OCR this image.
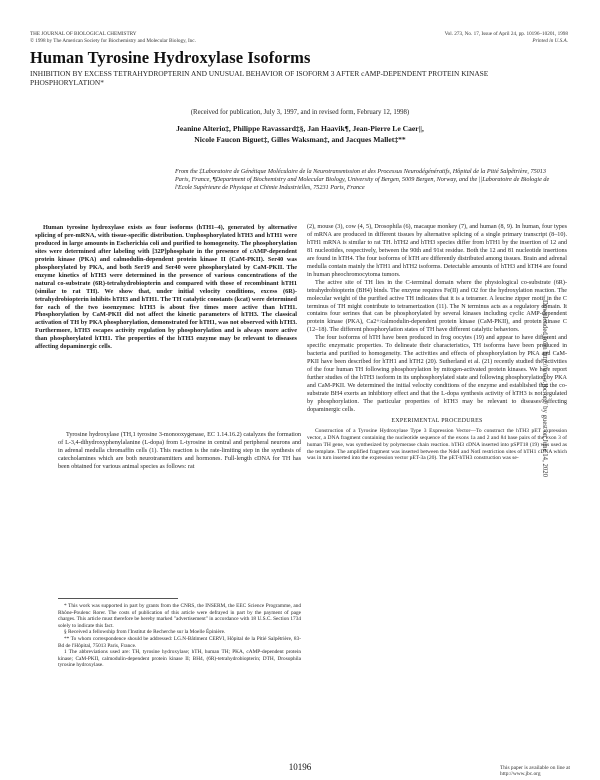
THE JOURNAL OF BIOLOGICAL CHEMISTRY
© 1998 by The American Society for Biochemistry and Molecular Biology, Inc.
Vol. 273, No. 17, Issue of April 24, pp. 10196–10201, 1998
Printed in U.S.A.
Human Tyrosine Hydroxylase Isoforms
INHIBITION BY EXCESS TETRAHYDROPTERIN AND UNUSUAL BEHAVIOR OF ISOFORM 3 AFTER cAMP-DEPENDENT PROTEIN KINASE PHOSPHORYLATION*
(Received for publication, July 3, 1997, and in revised form, February 12, 1998)
Jeanine Alterio‡, Philippe Ravassard‡§, Jan Haavik¶, Jean-Pierre Le Caer||,
Nicole Faucon Biguet‡, Gilles Waksman‡, and Jacques Mallet‡**
From the ‡Laboratoire de Génétique Moléculaire de la Neurotransmission et des Processus Neurodégénératifs, Hôpital de la Pitié Salpêtrière, 75013 Paris, France, ¶Department of Biochemistry and Molecular Biology, University of Bergen, 5009 Bergen, Norway, and the ||Laboratoire de Biologie de l'Ecole Supérieure de Physique et Chimie Industrielles, 75231 Paris, France

Human tyrosine hydroxylase exists as four isoforms (hTH1–4), generated by alternative splicing of pre-mRNA, with tissue-specific distribution. Unphosphorylated hTH3 and hTH1 were produced in large amounts in Escherichia coli and purified to homogeneity. The phosphorylation sites were determined after labeling with [32P]phosphate in the presence of cAMP-dependent protein kinase (PKA) and calmodulin-dependent protein kinase II (CaM-PKII). Ser40 was phosphorylated by PKA, and both Ser19 and Ser40 were phosphorylated by CaM-PKII. The enzyme kinetics of hTH3 were determined in the presence of various concentrations of the natural co-substrate (6R)-tetrahydrobiopterin and compared with those of recombinant hTH1 (similar to rat TH). We show that, under initial velocity conditions, excess (6R)-tetrahydrobiopterin inhibits hTH3 and hTH1. The TH catalytic constants (kcat) were determined for each of the two isoenzymes: hTH3 is about five times more active than hTH1. Phosphorylation by CaM-PKII did not affect the kinetic parameters of hTH3. The classical activation of TH by PKA phosphorylation, demonstrated for hTH1, was not observed with hTH3. Furthermore, hTH3 escapes activity regulation by phosphorylation and is always more active than phosphorylated hTH1. The properties of the hTH3 enzyme may be relevant to diseases affecting dopaminergic cells.

Tyrosine hydroxylase (TH,1 tyrosine 3-monooxygenase, EC 1.14.16.2) catalyzes the formation of L-3,4-dihydroxyphenylalanine (L-dopa) from L-tyrosine in central and peripheral neurons and in adrenal medulla chromaffin cells (1). This reaction is the rate-limiting step in the synthesis of catecholamines which are both neurotransmitters and hormones. Full-length cDNA for TH has been obtained for various animal species as follows: rat

* This work was supported in part by grants from the CNRS, the INSERM, the EEC Science Programme, and Rhône-Poulenc Rorer. The costs of publication of this article were defrayed in part by the payment of page charges. This article must therefore be hereby marked "advertisement" in accordance with 18 U.S.C. Section 1734 solely to indicate this fact.

§ Received a fellowship from l'Institut de Recherche sur la Moelle Épinière.

** To whom correspondence should be addressed: LG.N-Bâtiment CERVI, Hôpital de la Pitié Salpêtrière, 83-Bd de l'Hôpital, 75013 Paris, France.

1 The abbreviations used are: TH, tyrosine hydroxylase; hTH, human TH; PKA, cAMP-dependent protein kinase; CaM-PKII, calmodulin-dependent protein kinase II; BH4, (6R)-tetrahydrobiopterin; DTH, Drosophila tyrosine hydroxylase.

(2), mouse (3), cow (4, 5), Drosophila (6), macaque monkey (7), and human (8, 9). In human, four types of mRNA are produced in different tissues by alternative splicing of a single primary transcript (8–10). hTH1 mRNA is similar to rat TH. hTH2 and hTH3 species differ from hTH1 by the insertion of 12 and 81 nucleotides, respectively, between the 90th and 91st residue. Both the 12 and 81 nucleotide insertions are found in hTH4. The four isoforms of hTH are differently distributed among tissues. Brain and adrenal medulla contain mainly the hTH1 and hTH2 isoforms. Detectable amounts of hTH3 and hTH4 are found in human pheochromocytoma tumors.

The active site of TH lies in the C-terminal domain where the physiological co-substrate (6R)-tetrahydrobiopterin (BH4) binds. The enzyme requires Fe(II) and O2 for the hydroxylation reaction. The molecular weight of the purified active TH indicates that it is a tetramer. A leucine zipper motif in the C terminus of TH might contribute to tetramerization (11). The N terminus acts as a regulatory domain. It contains four serines that can be phosphorylated by several kinases including cyclic AMP-dependent protein kinase (PKA), Ca2+/calmodulin-dependent protein kinase (CaM-PKII), and protein kinase C (12–18). The different phosphorylation states of TH have different catalytic behaviors.

The four isoforms of hTH have been produced in frog oocytes (19) and appear to have different and specific enzymatic properties. To delineate their characteristics, TH isoforms have been produced in bacteria and purified to homogeneity. The activities and effects of phosphorylation by PKA and CaM-PKII have been described for hTH1 and hTH2 (20). Sutherland et al. (21) recently studied the activities of the four human TH following phosphorylation by mitogen-activated protein kinases. We here report further studies of the hTH3 isoform in its unphosphorylated state and following phosphorylation by PKA and CaM-PKII. We determined the initial velocity conditions of the enzyme and established that the co-substrate BH4 exerts an inhibitory effect and that the L-dopa synthesis activity of hTH3 is not regulated by phosphorylation. The particular properties of hTH3 may be relevant to diseases affecting dopaminergic cells.

EXPERIMENTAL PROCEDURES

Construction of a Tyrosine Hydroxylase Type 3 Expression Vector—To construct the hTH3 pET expression vector, a DNA fragment containing the nucleotide sequence of the exons 1a and 2 and 84 base pairs of the exon 3 of human TH gene, was synthesized by polymerase chain reaction. hTH3 cDNA inserted into pSPT18 (19) was used as the template. The amplified fragment was inserted between the NdeI and NotI restriction sites of hTH1 cDNA which was in turn inserted into the expression vector pET-3a (20). The pET-hTH3 construction was se-	Downloaded from http://www.jbc.org/ by guest on June 14, 2020
10196	This paper is available on line at http://www.jbc.org
